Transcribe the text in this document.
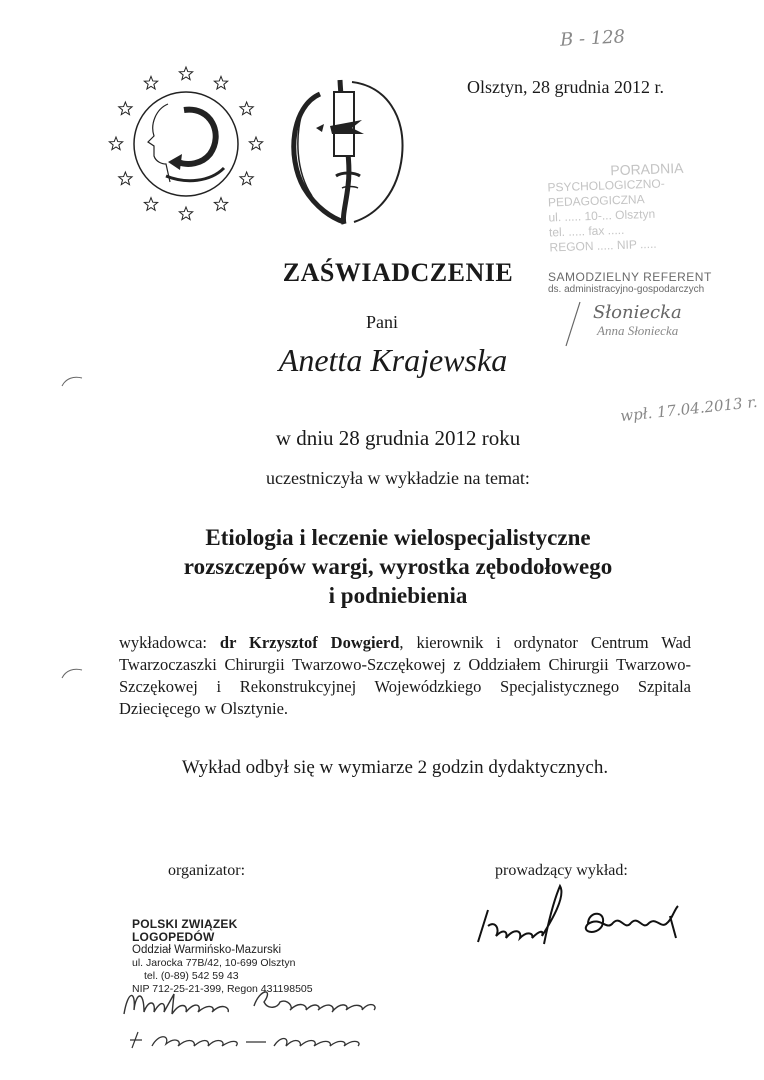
B - 128
Olsztyn, 28 grudnia 2012 r.
PORADNIA
PSYCHOLOGICZNO-PEDAGOGICZNA
ul. ..... 10-... Olsztyn
tel. ..... fax .....
REGON ..... NIP .....
SAMODZIELNY REFERENT
ds. administracyjno-gospodarczych
Słoniecka
Anna Słoniecka
wpł. 17.04.2013 r.
ZAŚWIADCZENIE
Pani
Anetta Krajewska
w dniu 28 grudnia 2012 roku
uczestniczyła w wykładzie na temat:
Etiologia i leczenie wielospecjalistyczne
rozszczepów wargi, wyrostka zębodołowego
i podniebienia
wykładowca: dr Krzysztof Dowgierd, kierownik i ordynator Centrum Wad Twarzoczaszki Chirurgii Twarzowo-Szczękowej z Oddziałem Chirurgii Twarzowo-Szczękowej i Rekonstrukcyjnej Wojewódzkiego Specjalistycznego Szpitala Dziecięcego w Olsztynie.
Wykład odbył się w wymiarze 2 godzin dydaktycznych.
organizator:	prowadzący wykład:
POLSKI ZWIĄZEK LOGOPEDÓW
Oddział Warmińsko-Mazurski
ul. Jarocka 77B/42, 10-699 Olsztyn
tel. (0-89) 542 59 43
NIP 712-25-21-399, Regon 431198505
